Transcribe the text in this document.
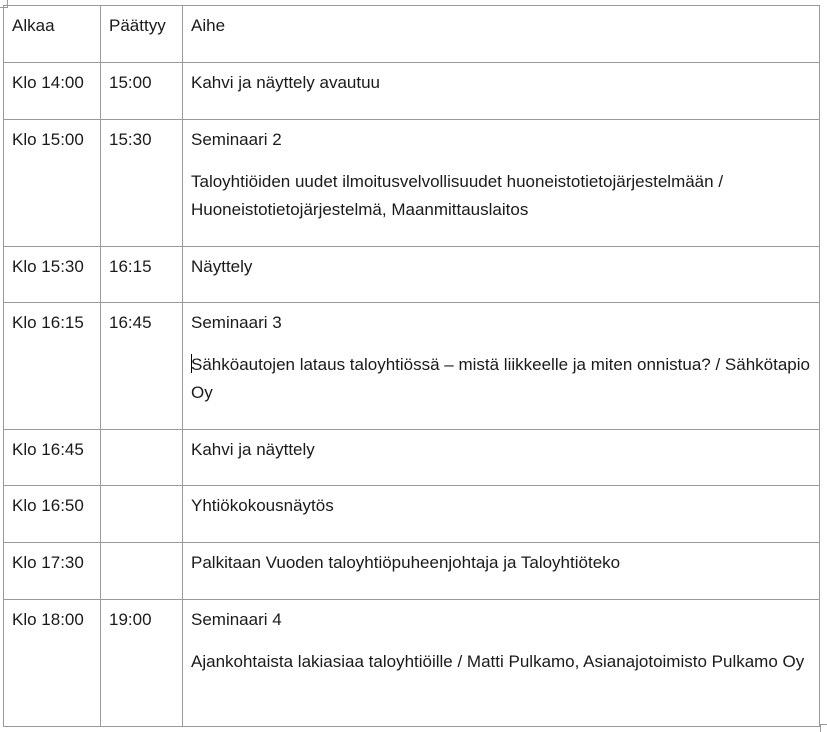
Alkaa	Päättyy	Aihe
Klo 14:00	15:00	Kahvi ja näyttely avautuu

Klo 15:00	15:30	Seminaari 2
Taloyhtiöiden uudet ilmoitusvelvollisuudet huoneistotietojärjestelmään / Huoneistotietojärjestelmä, Maanmittauslaitos

Klo 15:30	16:15	Näyttely

Klo 16:15	16:45	Seminaari 3
Sähköautojen lataus taloyhtiössä – mistä liikkeelle ja miten onnistua? / Sähkötapio Oy

Klo 16:45		Kahvi ja näyttely

Klo 16:50		Yhtiökokousnäytös

Klo 17:30		Palkitaan Vuoden taloyhtiöpuheenjohtaja ja Taloyhtiöteko

Klo 18:00	19:00	Seminaari 4
Ajankohtaista lakiasiaa taloyhtiöille / Matti Pulkamo, Asianajotoimisto Pulkamo Oy
